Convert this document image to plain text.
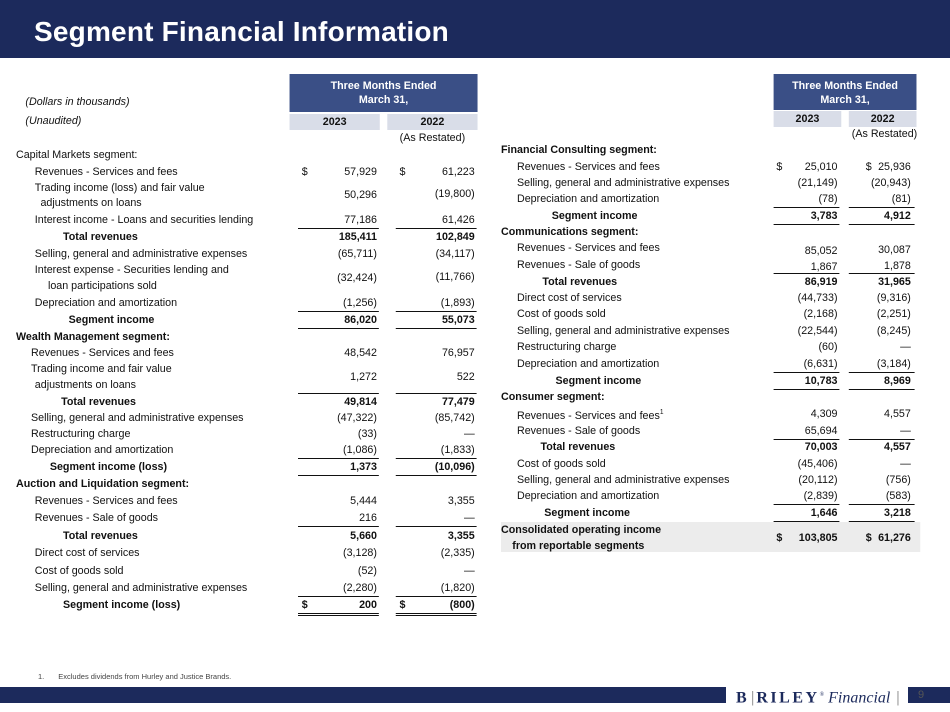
Segment Financial Information
(Dollars in thousands)
(Unaudited)
Three Months Ended
March 31,
2023	2022
(As Restated)
Capital Markets segment:
Revenues - Services and fees	$	57,929 $	61,223
Trading income (loss) and fair value
adjustments on loans
50,296	(19,800)
Interest income - Loans and securities lending	77,186	61,426
Total revenues	185,411	102,849
Selling, general and administrative expenses	(65,711)	(34,117)
Interest expense - Securities lending and
loan participations sold
(32,424)	(11,766)
Depreciation and amortization	(1,256)	(1,893)
Segment income	86,020	55,073
Wealth Management segment:
Revenues - Services and fees	48,542	76,957
Trading income and fair value
adjustments on loans
1,272	522
Total revenues	49,814	77,479
Selling, general and administrative expenses	(47,322)	(85,742)
Restructuring charge	(33)	—
Depreciation and amortization	(1,086)	(1,833)
Segment income (loss)	1,373	(10,096)
Auction and Liquidation segment:
Revenues - Services and fees	5,444	3,355
Revenues - Sale of goods	216	—
Total revenues	5,660	3,355
Direct cost of services	(3,128)	(2,335)
Cost of goods sold	(52)	—
Selling, general and administrative expenses	(2,280)	(1,820)
Segment income (loss)	$	200 $	(800)
Three Months Ended
March 31,
2023	2022
(As Restated)
Financial Consulting segment:
Revenues - Services and fees	$	25,010 $ 25,936
Selling, general and administrative expenses	(21,149)	(20,943)
Depreciation and amortization	(78)	(81)
Segment income	3,783	4,912
Communications segment:
Revenues - Services and fees	85,052	30,087
Revenues - Sale of goods	1,867	1,878
Total revenues	86,919	31,965
Direct cost of services	(44,733)	(9,316)
Cost of goods sold	(2,168)	(2,251)
Selling, general and administrative expenses	(22,544)	(8,245)
Restructuring charge	(60)	—
Depreciation and amortization	(6,631)	(3,184)
Segment income	10,783	8,969
Consumer segment:
Revenues - Services and fees$^1$	4,309	4,557
Revenues - Sale of goods	65,694	—
Total revenues	70,003	4,557
Cost of goods sold	(45,406)	—
Selling, general and administrative expenses	(20,112)	(756)
Depreciation and amortization	(2,839)	(583)
Segment income	1,646	3,218
Consolidated operating income
from reportable segments
$	103,805 $ 61,276
1. Excludes dividends from Hurley and Justice Brands.
B | RILEY® Financial |	9
